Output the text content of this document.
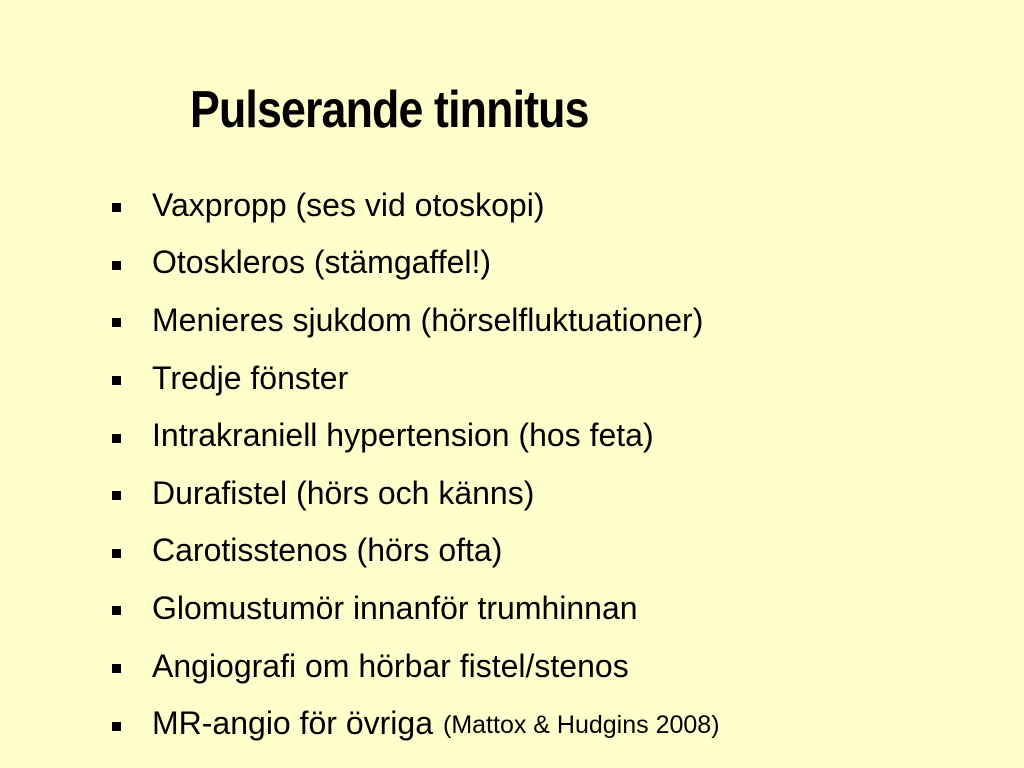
Pulserande tinnitus
Vaxpropp (ses vid otoskopi)
Otoskleros (stämgaffel!)
Menieres sjukdom (hörselfluktuationer)
Tredje fönster
Intrakraniell hypertension (hos feta)
Durafistel (hörs och känns)
Carotisstenos (hörs ofta)
Glomustumör innanför trumhinnan
Angiografi om hörbar fistel/stenos
MR-angio för övriga (Mattox & Hudgins 2008)
